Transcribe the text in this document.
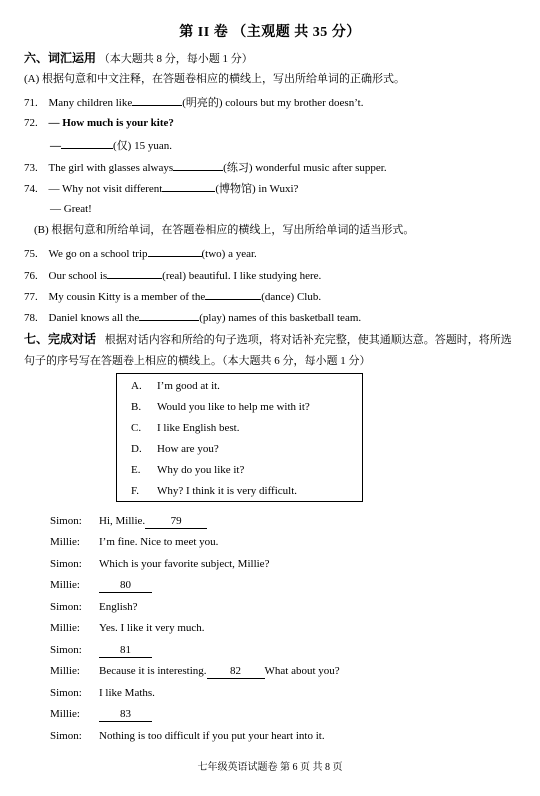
第 II 卷 （主观题 共 35 分）
六、词汇运用 （本大题共 8 分，每小题 1 分）
(A) 根据句意和中文注释，在答题卷相应的横线上，写出所给单词的正确形式。
71. Many children like	(明亮的) colours but my brother doesn’t.
72. — How much is your kite?
—	(仅) 15 yuan.
73. The girl with glasses always	(练习) wonderful music after supper.
74. — Why not visit different	(博物馆) in Wuxi?
— Great!
(B) 根据句意和所给单词，在答题卷相应的横线上，写出所给单词的适当形式。
75. We go on a school trip	(two) a year.
76. Our school is	(real) beautiful. I like studying here.
77. My cousin Kitty is a member of the	(dance) Club.
78. Daniel knows all the	(play) names of this basketball team.
七、完成对话 根据对话内容和所给的句子选项，将对话补充完整，使其通顺达意。答题时，将所选句子的序号写在答题卷上相应的横线上。（本大题共 6 分，每小题 1 分）
A. I’m good at it.
B. Would you like to help me with it?
C. I like English best.
D. How are you?
E. Why do you like it?
F. Why? I think it is very difficult.
Simon: Hi, Millie. 79
Millie: I’m fine. Nice to meet you.
Simon: Which is your favorite subject, Millie?
Millie:	80
Simon: English?
Millie: Yes. I like it very much.
Simon:	81
Millie: Because it is interesting. 82 What about you?
Simon: I like Maths.
Millie:	83
Simon: Nothing is too difficult if you put your heart into it.
七年级英语试题卷 第 6 页 共 8 页
